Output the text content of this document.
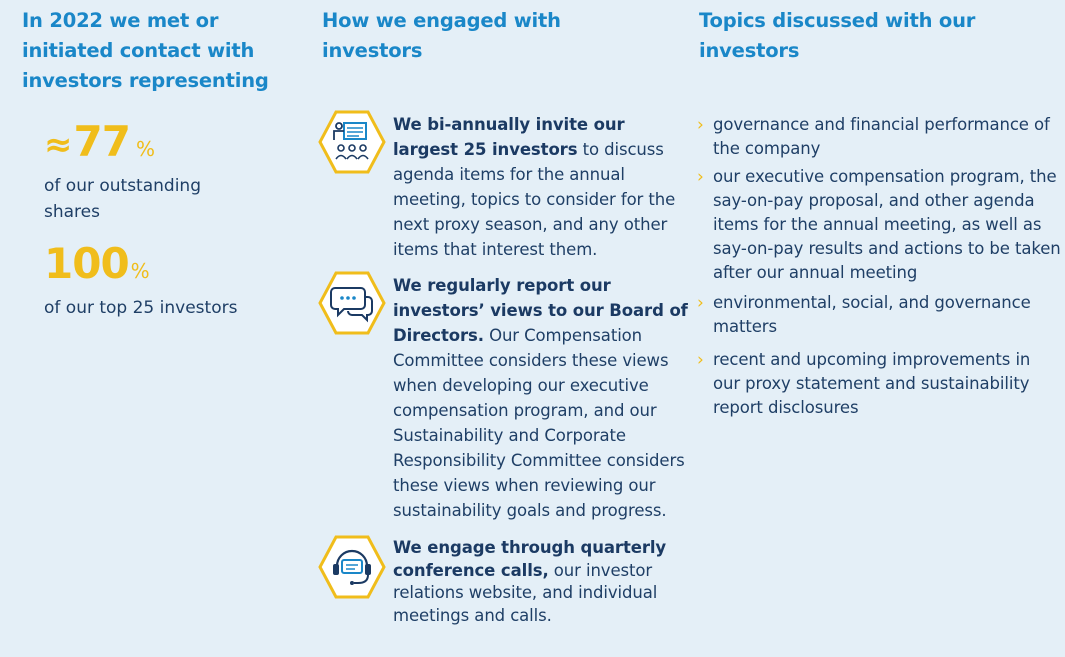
In 2022 we met or initiated contact with investors representing
How we engaged with investors
Topics discussed with our investors
≈77 %
of our outstanding shares
100 %
of our top 25 investors
We bi-annually invite our largest 25 investors to discuss agenda items for the annual meeting, topics to consider for the next proxy season, and any other items that interest them.
We regularly report our investors’ views to our Board of Directors. Our Compensation Committee considers these views when developing our executive compensation program, and our Sustainability and Corporate Responsibility Committee considers these views when reviewing our sustainability goals and progress.
We engage through quarterly conference calls, our investor relations website, and individual meetings and calls.
› governance and financial performance of the company
› our executive compensation program, the say-on-pay proposal, and other agenda items for the annual meeting, as well as say-on-pay results and actions to be taken after our annual meeting
› environmental, social, and governance matters
› recent and upcoming improvements in our proxy statement and sustainability report disclosures
